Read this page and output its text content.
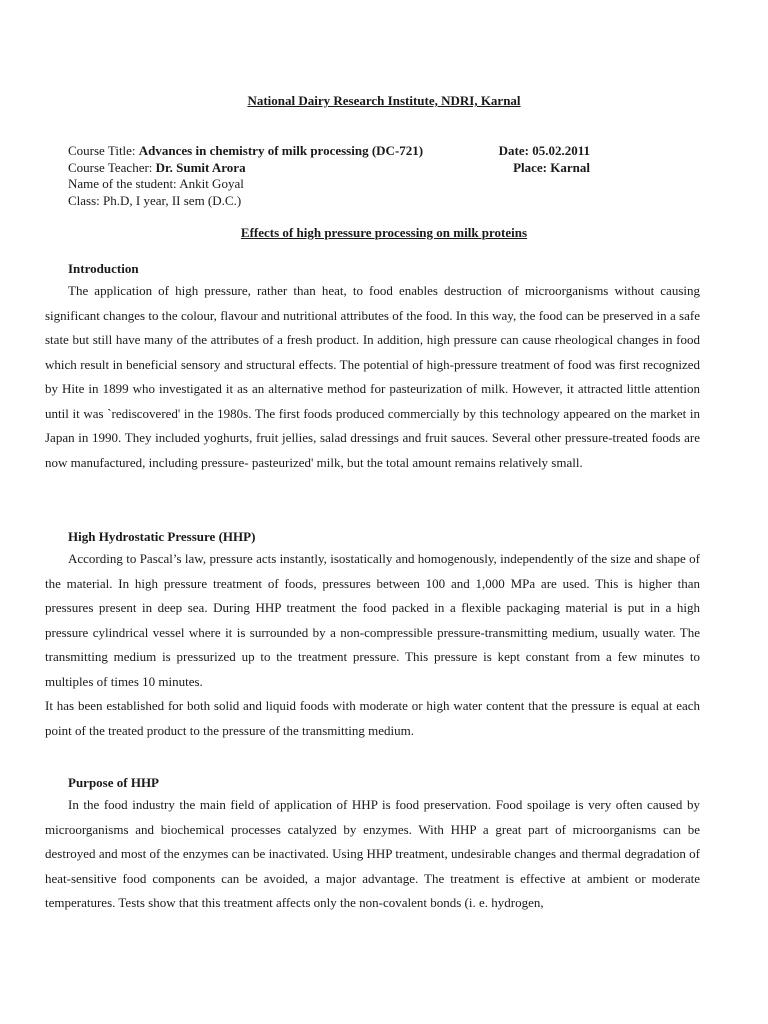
National Dairy Research Institute, NDRI, Karnal
Course Title: Advances in chemistry of milk processing (DC-721)	Date: 05.02.2011
Course Teacher: Dr. Sumit Arora	Place: Karnal
Name of the student: Ankit Goyal
Class: Ph.D, I year, II sem (D.C.)
Effects of high pressure processing on milk proteins
Introduction

The application of high pressure, rather than heat, to food enables destruction of microorganisms without causing significant changes to the colour, flavour and nutritional attributes of the food. In this way, the food can be preserved in a safe state but still have many of the attributes of a fresh product. In addition, high pressure can cause rheological changes in food which result in beneficial sensory and structural effects. The potential of high-pressure treatment of food was first recognized by Hite in 1899 who investigated it as an alternative method for pasteurization of milk. However, it attracted little attention until it was `rediscovered' in the 1980s. The first foods produced commercially by this technology appeared on the market in Japan in 1990. They included yoghurts, fruit jellies, salad dressings and fruit sauces. Several other pressure-treated foods are now manufactured, including pressure- pasteurized' milk, but the total amount remains relatively small.

High Hydrostatic Pressure (HHP)

According to Pascal’s law, pressure acts instantly, isostatically and homogenously, independently of the size and shape of the material. In high pressure treatment of foods, pressures between 100 and 1,000 MPa are used. This is higher than pressures present in deep sea. During HHP treatment the food packed in a flexible packaging material is put in a high pressure cylindrical vessel where it is surrounded by a non-compressible pressure-transmitting medium, usually water. The transmitting medium is pressurized up to the treatment pressure. This pressure is kept constant from a few minutes to multiples of times 10 minutes.

It has been established for both solid and liquid foods with moderate or high water content that the pressure is equal at each point of the treated product to the pressure of the transmitting medium.

Purpose of HHP

In the food industry the main field of application of HHP is food preservation. Food spoilage is very often caused by microorganisms and biochemical processes catalyzed by enzymes. With HHP a great part of microorganisms can be destroyed and most of the enzymes can be inactivated. Using HHP treatment, undesirable changes and thermal degradation of heat-sensitive food components can be avoided, a major advantage. The treatment is effective at ambient or moderate temperatures. Tests show that this treatment affects only the non-covalent bonds (i. e. hydrogen,
